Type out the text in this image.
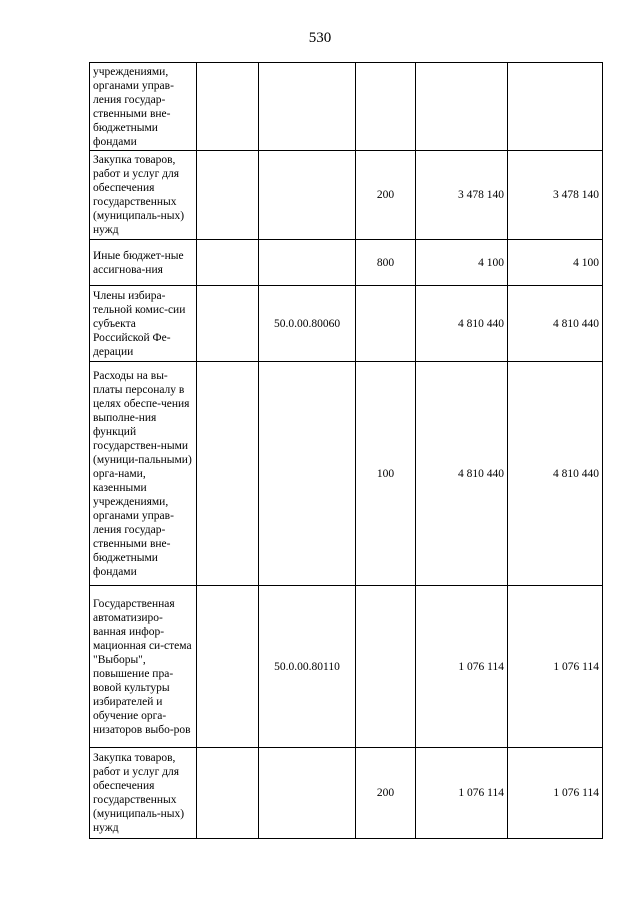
530
учреждениями, органами управ-ления государ-ственными вне-бюджетными фондами					
Закупка товаров, работ и услуг для обеспечения государственных (муниципаль-ных) нужд			200	3 478 140	3 478 140
Иные бюджет-ные ассигнова-ния			800	4 100	4 100
Члены избира-тельной комис-сии субъекта Российской Фе-дерации		50.0.00.80060		4 810 440	4 810 440
Расходы на вы-платы персоналу в целях обеспе-чения выполне-ния функций государствен-ными (муници-пальными) орга-нами, казенными учреждениями, органами управ-ления государ-ственными вне-бюджетными фондами			100	4 810 440	4 810 440
Государственная автоматизиро-ванная инфор-мационная си-стема "Выборы", повышение пра-вовой культуры избирателей и обучение орга-низаторов выбо-ров		50.0.00.80110		1 076 114	1 076 114
Закупка товаров, работ и услуг для обеспечения государственных (муниципаль-ных) нужд			200	1 076 114	1 076 114
